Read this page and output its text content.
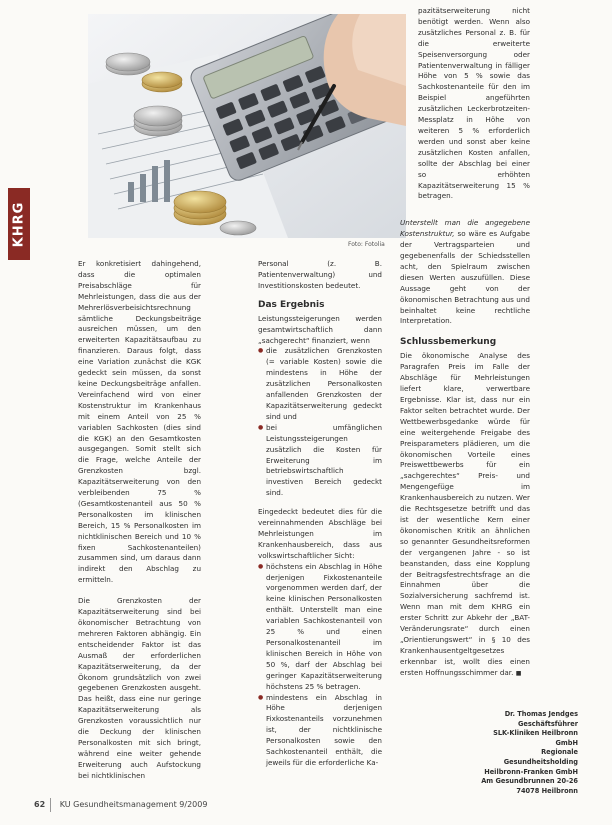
KHRG	Foto: Fotolia

Er konkretisiert dahingehend, dass die optimalen Preisabschläge für Mehrleistungen, dass die aus der Mehrerlösverbeisichtsrechnung sämtliche Deckungsbeiträge ausreichen müssen, um den erweiterten Kapazitätsaufbau zu finanzieren. Daraus folgt, dass eine Variation zunächst die KGK gedeckt sein müssen, da sonst keine Deckungsbeiträge anfallen. Vereinfachend wird von einer Kostenstruktur im Krankenhaus mit einem Anteil von 25 % variablen Sachkosten (dies sind die KGK) an den Gesamtkosten ausgegangen. Somit stellt sich die Frage, welche Anteile der Grenzkosten bzgl. Kapazitätserweiterung von den verbleibenden 75 % (Gesamtkostenanteil aus 50 % Personalkosten im klinischen Bereich, 15 % Personalkosten im nichtklinischen Bereich und 10 % fixen Sachkostenanteilen) zusammen sind, um daraus dann indirekt den Abschlag zu ermitteln.

Die Grenzkosten der Kapazitätserweiterung sind bei ökonomischer Betrachtung von mehreren Faktoren abhängig. Ein entscheidender Faktor ist das Ausmaß der erforderlichen Kapazitätserweiterung, da der Ökonom grundsätzlich von zwei gegebenen Grenzkosten ausgeht. Das heißt, dass eine nur geringe Kapazitätserweiterung als Grenzkosten voraussichtlich nur die Deckung der klinischen Personalkosten mit sich bringt, während eine weiter gehende Erweiterung auch Aufstockung bei nichtklinischen

Personal (z. B. Patientenverwaltung) und Investitionskosten bedeutet.

Das Ergebnis

Leistungssteigerungen werden gesamtwirtschaftlich dann „sachgerecht“ finanziert, wenn

● die zusätzlichen Grenzkosten (= variable Kosten) sowie die mindestens in Höhe der zusätzlichen Personalkosten anfallenden Grenzkosten der Kapazitätserweiterung gedeckt sind und
● bei umfänglichen Leistungssteigerungen zusätzlich die Kosten für Erweiterung im betriebswirtschaftlich investiven Bereich gedeckt sind.

Eingedeckt bedeutet dies für die vereinnahmenden Abschläge bei Mehrleistungen im Krankenhausbereich, dass aus volkswirtschaftlicher Sicht:

● höchstens ein Abschlag in Höhe derjenigen Fixkostenanteile vorgenommen werden darf, der keine klinischen Personalkosten enthält. Unterstellt man eine variablen Sachkostenanteil von 25 % und einen Personalkostenanteil im klinischen Bereich in Höhe von 50 %, darf der Abschlag bei geringer Kapazitätserweiterung höchstens 25 % betragen.
● mindestens ein Abschlag in Höhe derjenigen Fixkostenanteils vorzunehmen ist, der nichtklinische Personalkosten sowie den Sachkostenanteil enthält, die jeweils für die erforderliche Ka-

pazitätserweiterung nicht benötigt werden. Wenn also zusätzliches Personal z. B. für die erweiterte Speisenversorgung oder Patientenverwaltung in fälliger Höhe von 5 % sowie das Sachkostenanteile für den im Beispiel angeführten zusätzlichen Leckerbrotzeiten-Messplatz in Höhe von weiteren 5 % erforderlich werden und sonst aber keine zusätzlichen Kosten anfallen, sollte der Abschlag bei einer so erhöhten Kapazitätserweiterung 15 % betragen.

Unterstellt man die angegebene Kostenstruktur, so wäre es Aufgabe der Vertragsparteien und gegebenenfalls der Schiedsstellen acht, den Spielraum zwischen diesen Werten auszufüllen. Diese Aussage geht von der ökonomischen Betrachtung aus und beinhaltet keine rechtliche Interpretation.

Schlussbemerkung

Die ökonomische Analyse des Paragrafen Preis im Falle der Abschläge für Mehrleistungen liefert klare, verwertbare Ergebnisse. Klar ist, dass nur ein Faktor selten betrachtet wurde. Der Wettbewerbsgedanke würde für eine weitergehende Freigabe des Preisparameters plädieren, um die ökonomischen Vorteile eines Preiswettbewerbs für ein „sachgerechtes“ Preis- und Mengengefüge im Krankenhausbereich zu nutzen. Wer die Rechtsgesetze betrifft und das ist der wesentliche Kern einer ökonomischen Kritik an ähnlichen so genannter Gesundheitsreformen der vergangenen Jahre - so ist beanstanden, dass eine Kopplung der Beitragsfestrechtsfrage an die Einnahmen über die Sozialversicherung sachfremd ist. Wenn man mit dem KHRG ein erster Schritt zur Abkehr der „BAT-Veränderungsrate“ durch einen „Orientierungswert“ in § 10 des Krankenhausentgeltgesetzes erkennbar ist, wollt dies einen ersten Hoffnungsschimmer dar. ■

Dr. Thomas Jendges
Geschäftsführer
SLK-Kliniken Heilbronn GmbH
Regionale Gesundheitsholding
Heilbronn-Franken GmbH
Am Gesundbrunnen 20-26
74078 Heilbronn
62 KU Gesundheitsmanagement 9/2009
